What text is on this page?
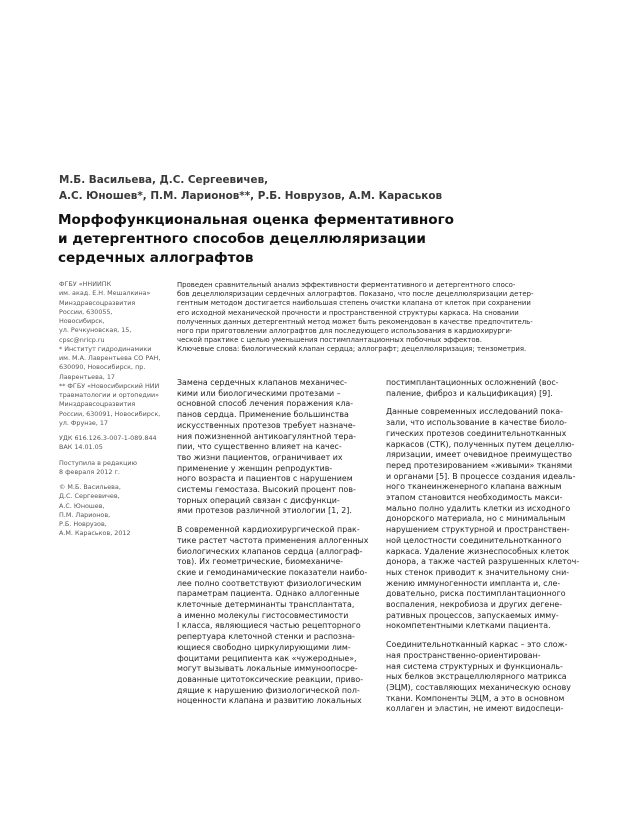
М.Б. Васильева, Д.С. Сергеевичев,
А.С. Юношев*, П.М. Ларионов**, Р.Б. Новрузов, А.М. Караськов
Морфофункциональная оценка ферментативного
и детергентного способов децеллюляризации
сердечных аллографтов
ФГБУ «ННИИПК
им. акад. Е.Н. Мешалкина»
Минздравсоцразвития
России, 630055,
Новосибирск,
ул. Речкуновская, 15,
cpsc@nricp.ru
* Институт гидродинамики
им. М.А. Лаврентьева СО РАН,
630090, Новосибирск, пр.
Лаврентьева, 17
** ФГБУ «Новосибирский НИИ
травматологии и ортопедии»
Минздравсоцразвития
России, 630091, Новосибирск,
ул. Фрунзе, 17
УДК 616.126.3-007-1-089.844
ВАК 14.01.05
Поступила в редакцию
8 февраля 2012 г.
© М.Б. Васильева,
Д.С. Сергеевичев,
А.С. Юношев,
П.М. Ларионов,
Р.Б. Новрузов,
А.М. Караськов, 2012
Проведен сравнительный анализ эффективности ферментативного и детергентного спосо-
бов децеллюляризации сердечных аллографтов. Показано, что после децеллюляризации детер-
гентным методом достигается наибольшая степень очистки клапана от клеток при сохранении
его исходной механической прочности и пространственной структуры каркаса. На сновании
полученных данных детергентный метод может быть рекомендован в качестве предпочтитель-
ного при приготовлении аллографтов для последующего использования в кардиохирурги-
ческой практике с целью уменьшения постимплантационных побочных эффектов.
Ключевые слова: биологический клапан сердца; аллографт; децеллюляризация; тензометрия.
Замена сердечных клапанов механичес-
кими или биологическими протезами –
основной способ лечения поражения кла-
панов сердца. Применение большинства
искусственных протезов требует назначе-
ния пожизненной антикоагулянтной тера-
пии, что существенно влияет на качес-
тво жизни пациентов, ограничивает их
применение у женщин репродуктив-
ного возраста и пациентов с нарушением
системы гемостаза. Высокий процент пов-
торных операций связан с дисфункци-
ями протезов различной этиологии [1, 2].
В современной кардиохирургической прак-
тике растет частота применения аллогенных
биологических клапанов сердца (аллограф-
тов). Их геометрические, биомеханиче-
ские и гемодинамические показатели наибо-
лее полно соответствуют физиологическим
параметрам пациента. Однако аллогенные
клеточные детерминанты трансплантата,
а именно молекулы гистосовместимости
I класса, являющиеся частью рецепторного
репертуара клеточной стенки и распозна-
ющиеся свободно циркулирующими лим-
фоцитами реципиента как «чужеродные»,
могут вызывать локальные иммуноопосре-
дованные цитотоксические реакции, приво-
дящие к нарушению физиологической пол-
ноценности клапана и развитию локальных
постимплантационных осложнений (вос-
паление, фиброз и кальцификация) [9].
Данные современных исследований пока-
зали, что использование в качестве биоло-
гических протезов соединительнотканных
каркасов (СТК), полученных путем децеллю-
ляризации, имеет очевидное преимущество
перед протезированием «живыми» тканями
и органами [5]. В процессе создания идеаль-
ного тканеинженерного клапана важным
этапом становится необходимость макси-
мально полно удалить клетки из исходного
донорского материала, но с минимальным
нарушением структурной и пространствен-
ной целостности соединительнотканного
каркаса. Удаление жизнеспособных клеток
донора, а также частей разрушенных клеточ-
ных стенок приводит к значительному сни-
жению иммуногенности импланта и, сле-
довательно, риска постимплантационного
воспаления, некробиоза и других дегене-
ративных процессов, запускаемых имму-
нокомпетентными клетками пациента.
Соединительнотканный каркас – это слож-
ная пространственно-ориентирован-
ная система структурных и функциональ-
ных белков экстрацеллюлярного матрикса
(ЭЦМ), составляющих механическую основу
ткани. Компоненты ЭЦМ, а это в основном
коллаген и эластин, не имеют видоспеци-
